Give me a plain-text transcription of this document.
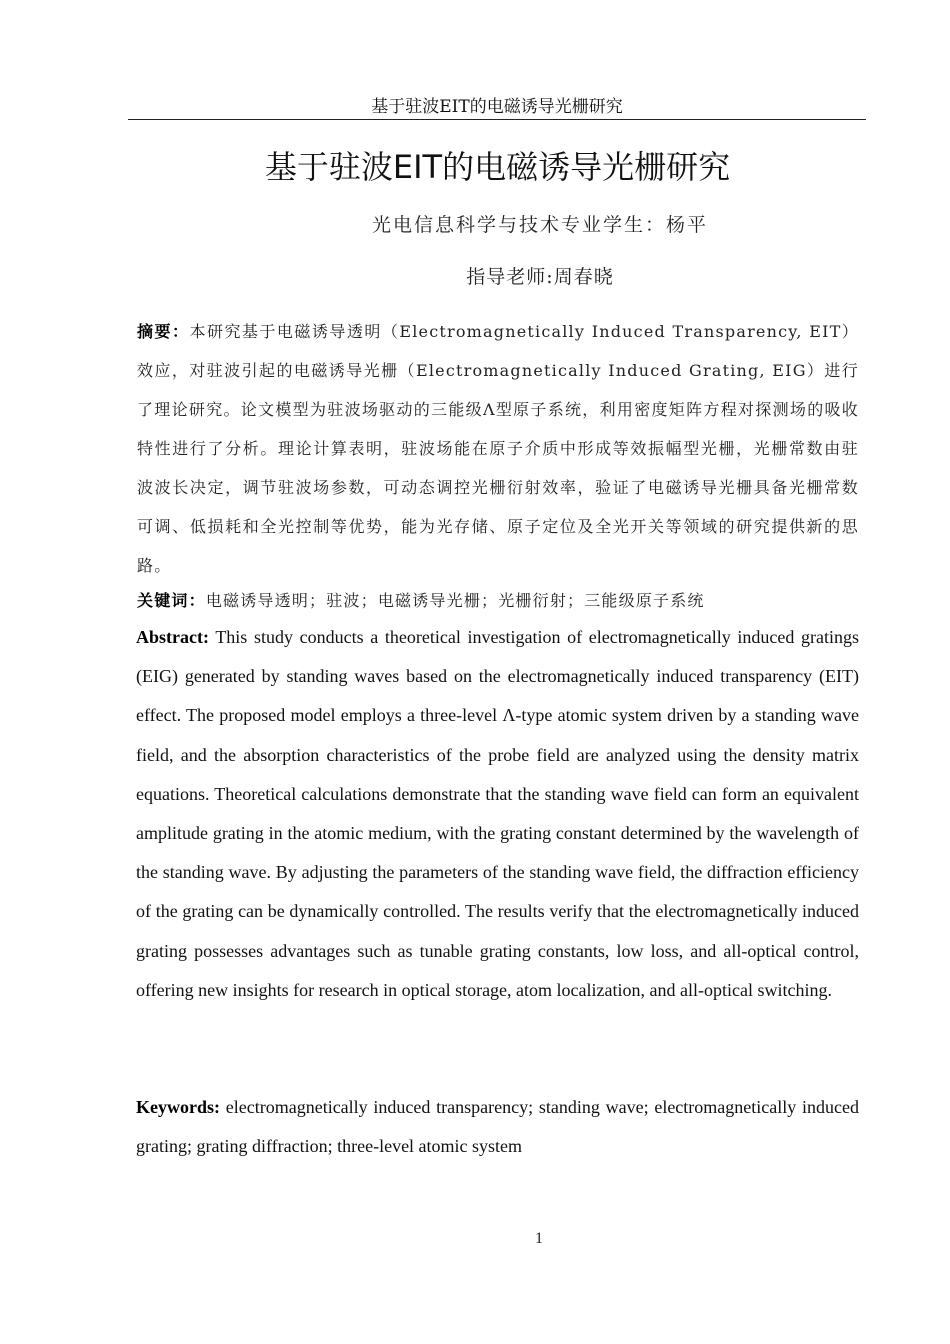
基于驻波EIT的电磁诱导光栅研究
基于驻波EIT的电磁诱导光栅研究
光电信息科学与技术专业学生：杨平
指导老师:周春晓
摘要：本研究基于电磁诱导透明（Electromagnetically Induced Transparency, EIT）效应，对驻波引起的电磁诱导光栅（Electromagnetically Induced Grating, EIG）进行了理论研究。论文模型为驻波场驱动的三能级Λ型原子系统，利用密度矩阵方程对探测场的吸收特性进行了分析。理论计算表明，驻波场能在原子介质中形成等效振幅型光栅，光栅常数由驻波波长决定，调节驻波场参数，可动态调控光栅衍射效率，验证了电磁诱导光栅具备光栅常数可调、低损耗和全光控制等优势，能为光存储、原子定位及全光开关等领域的研究提供新的思路。
关键词：电磁诱导透明；驻波；电磁诱导光栅；光栅衍射；三能级原子系统
Abstract: This study conducts a theoretical investigation of electromagnetically induced gratings (EIG) generated by standing waves based on the electromagnetically induced transparency (EIT) effect. The proposed model employs a three-level Λ-type atomic system driven by a standing wave field, and the absorption characteristics of the probe field are analyzed using the density matrix equations. Theoretical calculations demonstrate that the standing wave field can form an equivalent amplitude grating in the atomic medium, with the grating constant determined by the wavelength of the standing wave. By adjusting the parameters of the standing wave field, the diffraction efficiency of the grating can be dynamically controlled. The results verify that the electromagnetically induced grating possesses advantages such as tunable grating constants, low loss, and all-optical control, offering new insights for research in optical storage, atom localization, and all-optical switching.
Keywords: electromagnetically induced transparency; standing wave; electromagnetically induced grating; grating diffraction; three-level atomic system
1
